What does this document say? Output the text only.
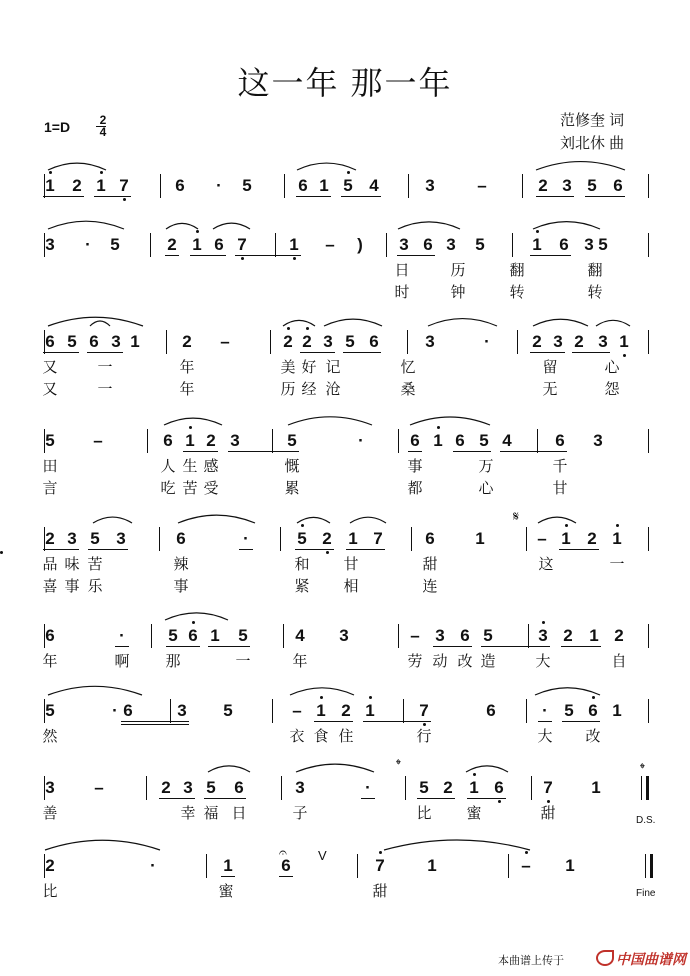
这一年 那一年
1=D	2
4
范修奎 词
刘北休 曲
1 2 1 7	6 · 5	6 1 5 4	3	–	2 3 5 6
3 · 5	2 1 6 7	1 – ) 3 6 3 5	1 6 3 5
日	历	翻	翻
时	钟	转	转
6 5 6 3 1	2 –	2 2 3 5 6	3	· 2 3 2 3 1
又	一	年	美 好 记	忆	留	心
又	一	年	历 经 沧	桑	无	怨
5 –	6 1 2 3	5	·	6 1 6 5 4	6 3
田	人 生 感	慨	事	万	千
言	吃 苦 受	累	都	心	甘
2 3 5 3	6	·	5 2 1 7	6 1	– 1 2 1
品 味 苦	辣	和 甘	甜	这	一
喜 事 乐	事	紧 相	连
6	·	5 6 1 5	4 3	– 3 6 5	3 2 1 2
年	啊 那	一	年	劳 动 改 造	大	自
5	· 6	3 5	– 1 2 1	7	6	· 5 6 1
然	衣 食 住	行	大 改
3 –	2 3 5 6	3	·	5 2 1 6 7 1
善	幸 福 日	子	比 蜜	甜
2	·	1	6	7	1	– 1
比	蜜	甜
D.S.
Fine
𝄋
𝄌	𝄌
V
𝄐
本曲谱上传于	中国曲谱网
